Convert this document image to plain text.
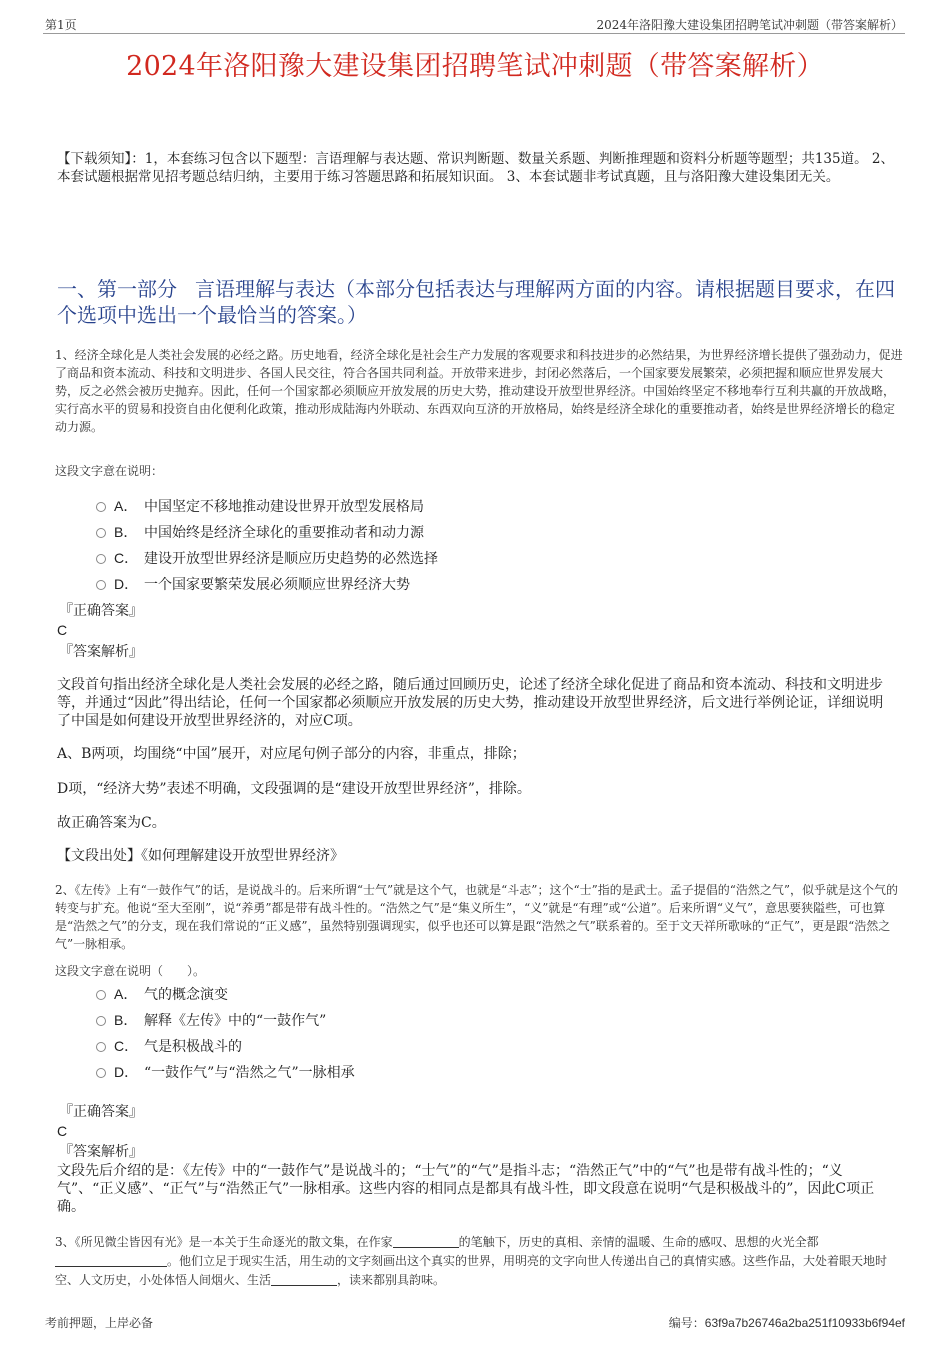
第1页	2024年洛阳豫大建设集团招聘笔试冲刺题（带答案解析）
2024年洛阳豫大建设集团招聘笔试冲刺题（带答案解析）
【下载须知】：1，本套练习包含以下题型：言语理解与表达题、常识判断题、数量关系题、判断推理题和资料分析题等题型；共135道。 2、本套试题根据常见招考题总结归纳，主要用于练习答题思路和拓展知识面。 3、本套试题非考试真题，且与洛阳豫大建设集团无关。
一、第一部分 言语理解与表达（本部分包括表达与理解两方面的内容。请根据题目要求，在四个选项中选出一个最恰当的答案。）
1、经济全球化是人类社会发展的必经之路。历史地看，经济全球化是社会生产力发展的客观要求和科技进步的必然结果，为世界经济增长提供了强劲动力，促进了商品和资本流动、科技和文明进步、各国人民交往，符合各国共同利益。开放带来进步，封闭必然落后，一个国家要发展繁荣，必须把握和顺应世界发展大势，反之必然会被历史抛弃。因此，任何一个国家都必须顺应开放发展的历史大势，推动建设开放型世界经济。中国始终坚定不移地奉行互利共赢的开放战略，实行高水平的贸易和投资自由化便利化政策，推动形成陆海内外联动、东西双向互济的开放格局，始终是经济全球化的重要推动者，始终是世界经济增长的稳定动力源。
这段文字意在说明：
A． 中国坚定不移地推动建设世界开放型发展格局
B． 中国始终是经济全球化的重要推动者和动力源
C． 建设开放型世界经济是顺应历史趋势的必然选择
D． 一个国家要繁荣发展必须顺应世界经济大势
『正确答案』
C
『答案解析』
文段首句指出经济全球化是人类社会发展的必经之路，随后通过回顾历史，论述了经济全球化促进了商品和资本流动、科技和文明进步等，并通过“因此”得出结论，任何一个国家都必须顺应开放发展的历史大势，推动建设开放型世界经济，后文进行举例论证，详细说明了中国是如何建设开放型世界经济的，对应C项。
A、B两项，均围绕“中国”展开，对应尾句例子部分的内容，非重点，排除；
D项，“经济大势”表述不明确，文段强调的是“建设开放型世界经济”，排除。
故正确答案为C。
【文段出处】《如何理解建设开放型世界经济》
2、《左传》上有“一鼓作气”的话，是说战斗的。后来所谓“士气”就是这个气，也就是“斗志”；这个“士”指的是武士。孟子提倡的“浩然之气”，似乎就是这个气的转变与扩充。他说“至大至刚”，说“养勇”都是带有战斗性的。“浩然之气”是“集义所生”，“义”就是“有理”或“公道”。后来所谓“义气”，意思要狭隘些，可也算是“浩然之气”的分支，现在我们常说的“正义感”，虽然特别强调现实，似乎也还可以算是跟“浩然之气”联系着的。至于文天祥所歌咏的“正气”，更是跟“浩然之气”一脉相承。
这段文字意在说明（　　）。
A． 气的概念演变
B． 解释《左传》中的“一鼓作气”
C． 气是积极战斗的
D． “一鼓作气”与“浩然之气”一脉相承
『正确答案』
C
『答案解析』
文段先后介绍的是：《左传》中的“一鼓作气”是说战斗的；“士气”的“气”是指斗志；“浩然正气”中的“气”也是带有战斗性的；“义气”、“正义感”、“正气”与“浩然正气”一脉相承。这些内容的相同点是都具有战斗性，即文段意在说明“气是积极战斗的”，因此C项正确。
3、《所见微尘皆因有光》是一本关于生命逐光的散文集，在作家	的笔触下，历史的真相、亲情的温暖、生命的感叹、思想的火光全都。他们立足于现实生活，用生动的文字刻画出这个真实的世界，用明亮的文字向世人传递出自己的真情实感。这些作品，大处着眼天地时空、人文历史，小处体悟人间烟火、生活	，读来都别具韵味。
考前押题，上岸必备	编号：63f9a7b26746a2ba251f10933b6f94ef
